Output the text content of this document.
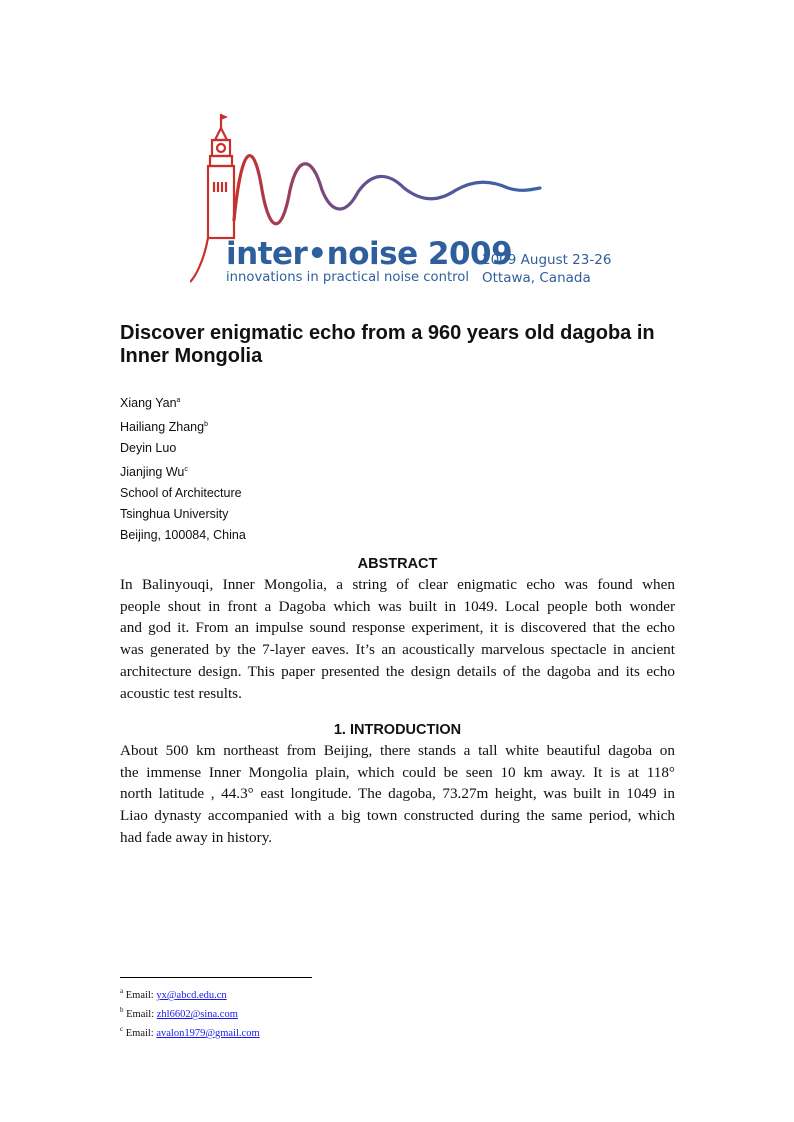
inter•noise 2009
innovations in practical noise control
2009 August 23-26
Ottawa, Canada
Discover enigmatic echo from a 960 years old dagoba in Inner Mongolia
Xiang Yan$^a$
Hailiang Zhang$^b$
Deyin Luo
Jianjing Wu$^c$
School of Architecture
Tsinghua University
Beijing, 100084, China
ABSTRACT

In Balinyouqi, Inner Mongolia, a string of clear enigmatic echo was found when
people shout in front a Dagoba which was built in 1049. Local people both wonder
and god it. From an impulse sound response experiment, it is discovered that the echo
was generated by the 7-layer eaves. It’s an acoustically marvelous spectacle in ancient
architecture design. This paper presented the design details of the dagoba and its echo
acoustic test results.

1. INTRODUCTION

About 500 km northeast from Beijing, there stands a tall white beautiful dagoba on
the immense Inner Mongolia plain, which could be seen 10 km away. It is at 118°
north latitude , 44.3° east longitude. The dagoba, 73.27m height, was built in 1049 in
Liao dynasty accompanied with a big town constructed during the same period, which
had fade away in history.

$^a$ Email: yx@abcd.edu.cn
$^b$ Email: zhl6602@sina.com
$^c$ Email: avalon1979@gmail.com
